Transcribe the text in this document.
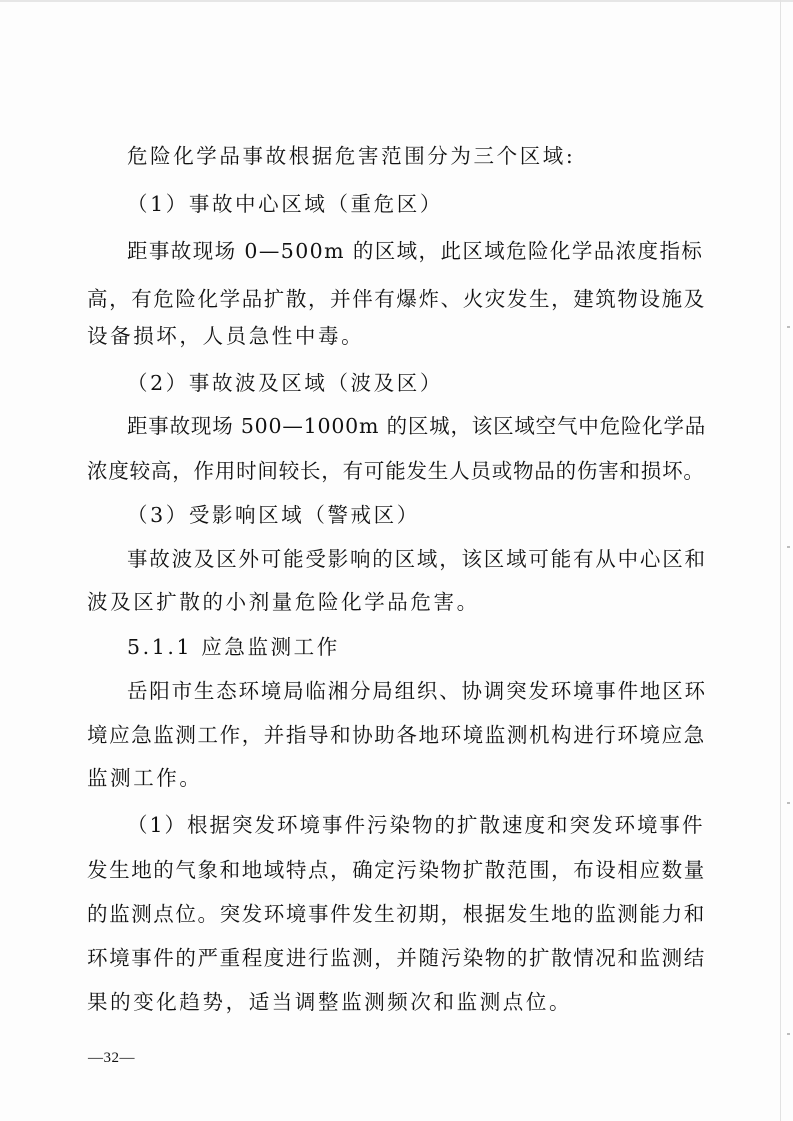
危险化学品事故根据危害范围分为三个区域:
（1）事故中心区域（重危区）
距事故现场 0—500m 的区域，此区域危险化学品浓度指标
高，有危险化学品扩散，并伴有爆炸、火灾发生，建筑物设施及
设备损坏，人员急性中毒。
（2）事故波及区域（波及区）
距事故现场 500—1000m 的区城，该区域空气中危险化学品
浓度较高，作用时间较长，有可能发生人员或物品的伤害和损坏。
（3）受影响区域（警戒区）
事故波及区外可能受影响的区域，该区域可能有从中心区和
波及区扩散的小剂量危险化学品危害。
5.1.1 应急监测工作
岳阳市生态环境局临湘分局组织、协调突发环境事件地区环
境应急监测工作，并指导和协助各地环境监测机构进行环境应急
监测工作。
（1）根据突发环境事件污染物的扩散速度和突发环境事件
发生地的气象和地域特点，确定污染物扩散范围，布设相应数量
的监测点位。突发环境事件发生初期，根据发生地的监测能力和
环境事件的严重程度进行监测，并随污染物的扩散情况和监测结
果的变化趋势，适当调整监测频次和监测点位。
—32—
